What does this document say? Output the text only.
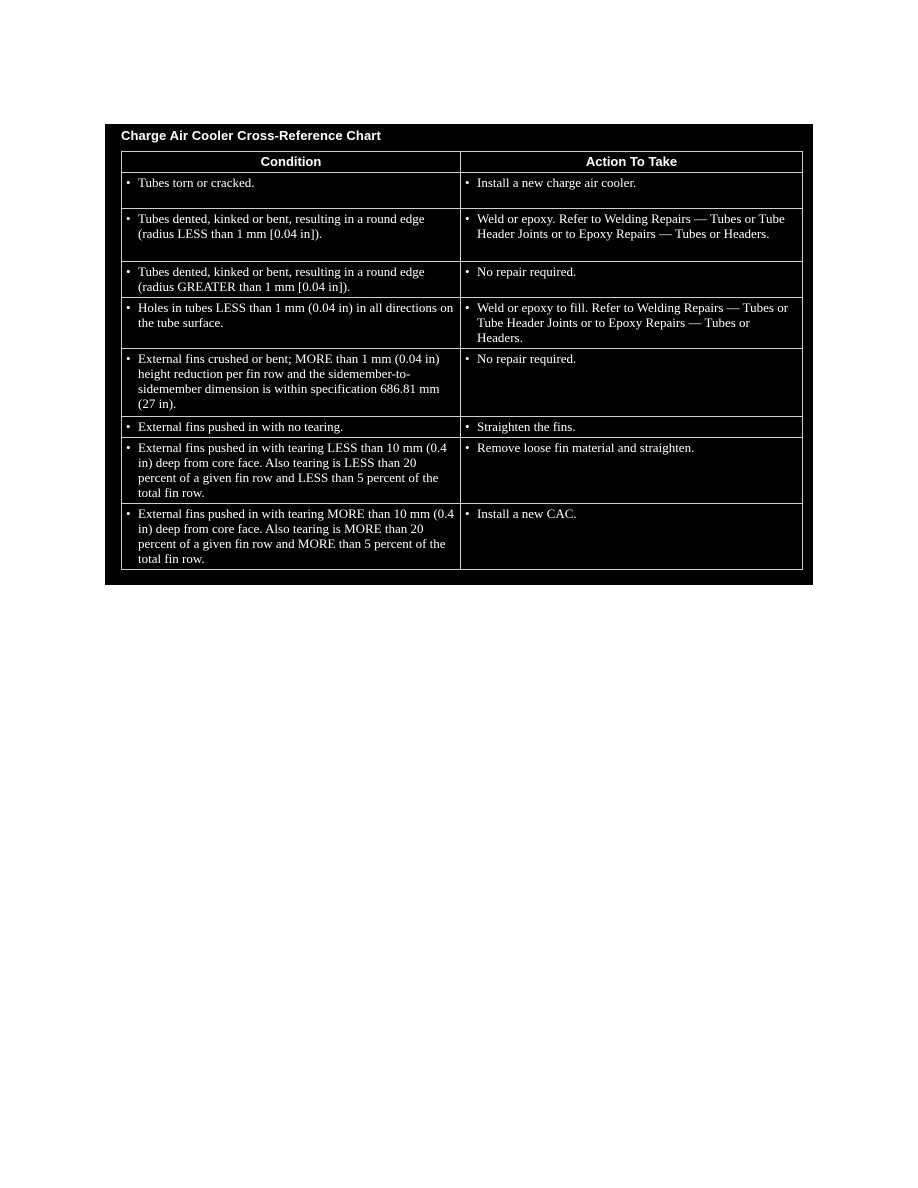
Charge Air Cooler Cross-Reference Chart
Condition	Action To Take

• Tubes torn or cracked.	• Install a new charge air cooler.

• Tubes dented, kinked or bent, resulting in a round edge (radius LESS than 1 mm [0.04 in]).	• Weld or epoxy. Refer to Welding Repairs — Tubes or Tube Header Joints or to Epoxy Repairs — Tubes or Headers.

• Tubes dented, kinked or bent, resulting in a round edge (radius GREATER than 1 mm [0.04 in]).	• No repair required.

• Holes in tubes LESS than 1 mm (0.04 in) in all directions on the tube surface.	• Weld or epoxy to fill. Refer to Welding Repairs — Tubes or Tube Header Joints or to Epoxy Repairs — Tubes or Headers.

• External fins crushed or bent; MORE than 1 mm (0.04 in) height reduction per fin row and the sidemember-to-sidemember dimension is within specification 686.81 mm (27 in).	• No repair required.

• External fins pushed in with no tearing.	• Straighten the fins.

• External fins pushed in with tearing LESS than 10 mm (0.4 in) deep from core face. Also tearing is LESS than 20 percent of a given fin row and LESS than 5 percent of the total fin row.	• Remove loose fin material and straighten.

• External fins pushed in with tearing MORE than 10 mm (0.4 in) deep from core face. Also tearing is MORE than 20 percent of a given fin row and MORE than 5 percent of the total fin row.	• Install a new CAC.
